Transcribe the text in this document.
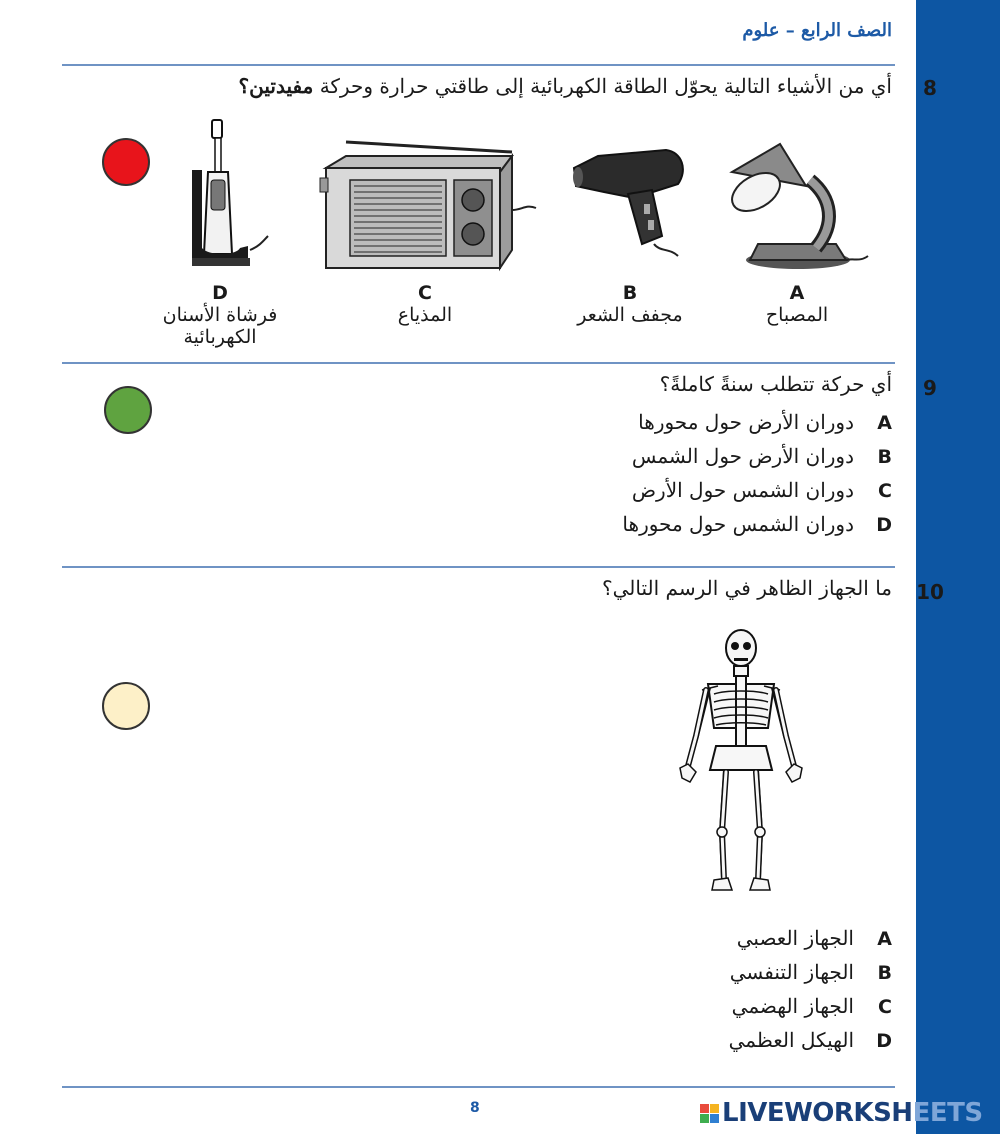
الصف الرابع – علوم
8
أي من الأشياء التالية يحوّل الطاقة الكهربائية إلى طاقتي حرارة وحركة مفيدتين؟
A
المصباح
B
مجفف الشعر
C
المذياع
D
فرشاة الأسنان
الكهربائية
9
أي حركة تتطلب سنةً كاملةً؟
Aدوران الأرض حول محورها
Bدوران الأرض حول الشمس
Cدوران الشمس حول الأرض
Dدوران الشمس حول محورها
10
ما الجهاز الظاهر في الرسم التالي؟
Aالجهاز العصبي
Bالجهاز التنفسي
Cالجهاز الهضمي
Dالهيكل العظمي
8	LIVEWORKSHEETS
